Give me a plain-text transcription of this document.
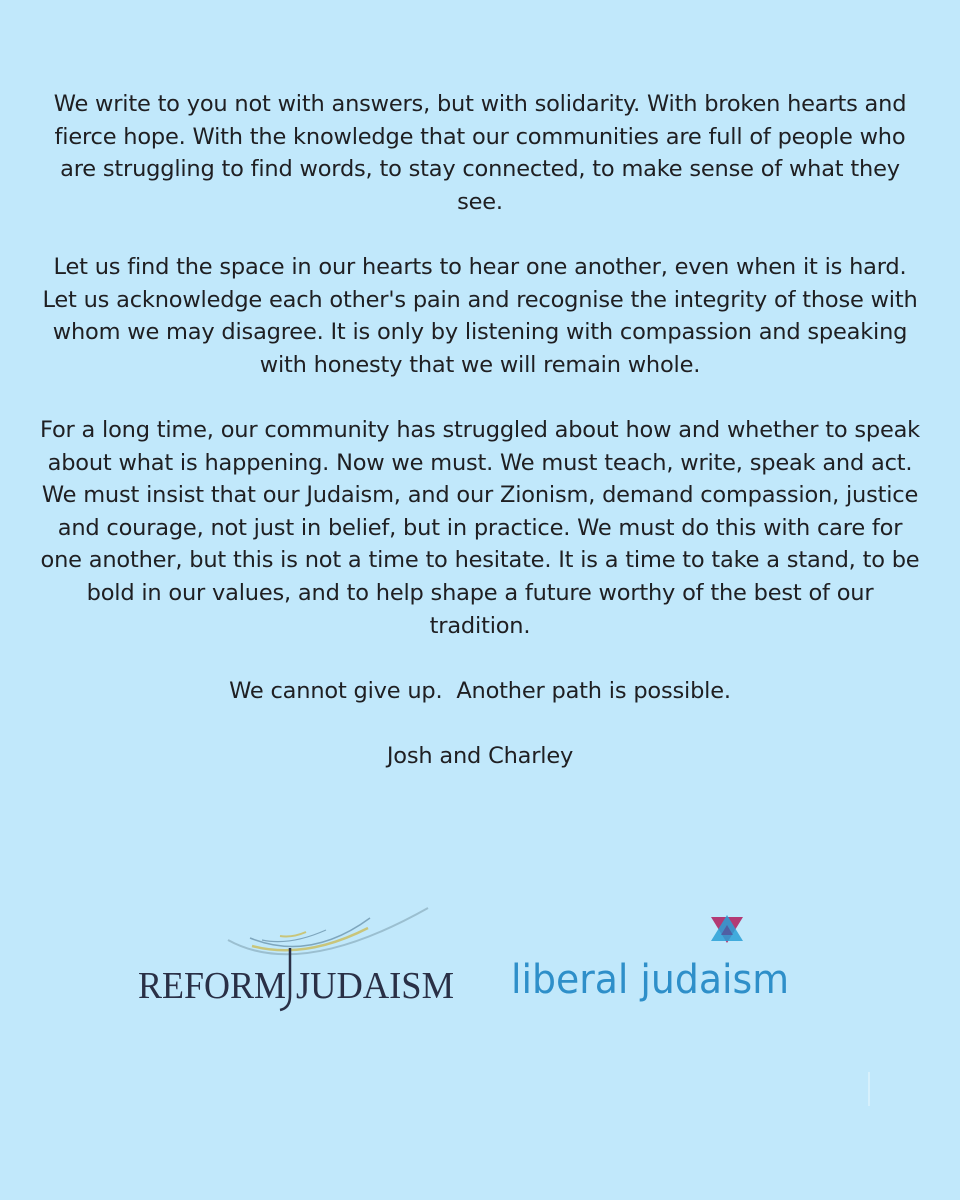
We write to you not with answers, but with solidarity. With broken hearts and fierce hope. With the knowledge that our communities are full of people who are struggling to find words, to stay connected, to make sense of what they see.

Let us find the space in our hearts to hear one another, even when it is hard. Let us acknowledge each other's pain and recognise the integrity of those with whom we may disagree. It is only by listening with compassion and speaking with honesty that we will remain whole.

For a long time, our community has struggled about how and whether to speak about what is happening. Now we must. We must teach, write, speak and act. We must insist that our Judaism, and our Zionism, demand compassion, justice and courage, not just in belief, but in practice. We must do this with care for one another, but this is not a time to hesitate. It is a time to take a stand, to be bold in our values, and to help shape a future worthy of the best of our tradition.

We cannot give up.  Another path is possible.

Josh and Charley

REFORM JUDAISM liberal judaism
